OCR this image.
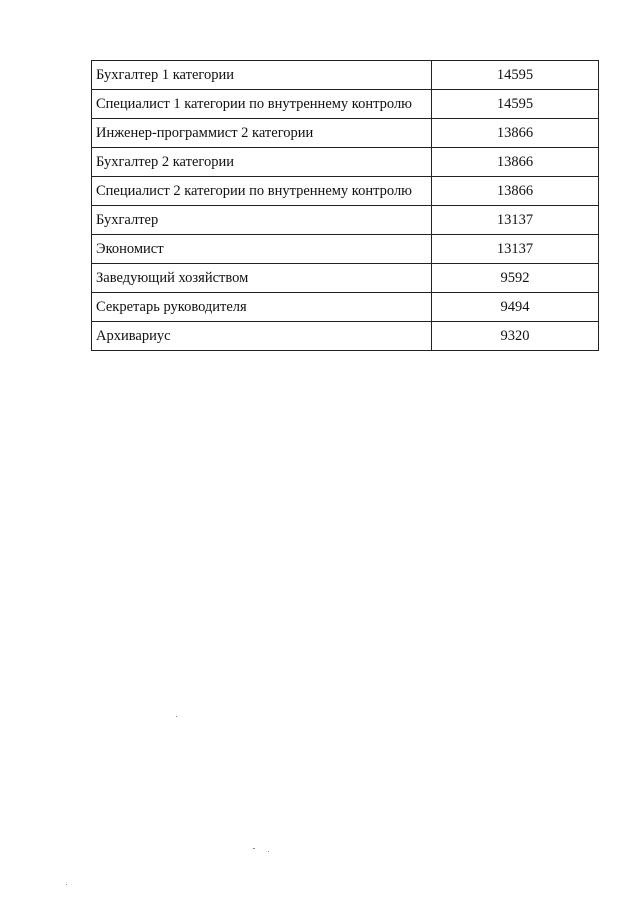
Бухгалтер 1 категории	14595
Специалист 1 категории по внутреннему контролю	14595
Инженер-программист 2 категории	13866
Бухгалтер 2 категории	13866
Специалист 2 категории по внутреннему контролю	13866
Бухгалтер	13137
Экономист	13137
Заведующий хозяйством	9592
Секретарь руководителя	9494
Архивариус	9320
